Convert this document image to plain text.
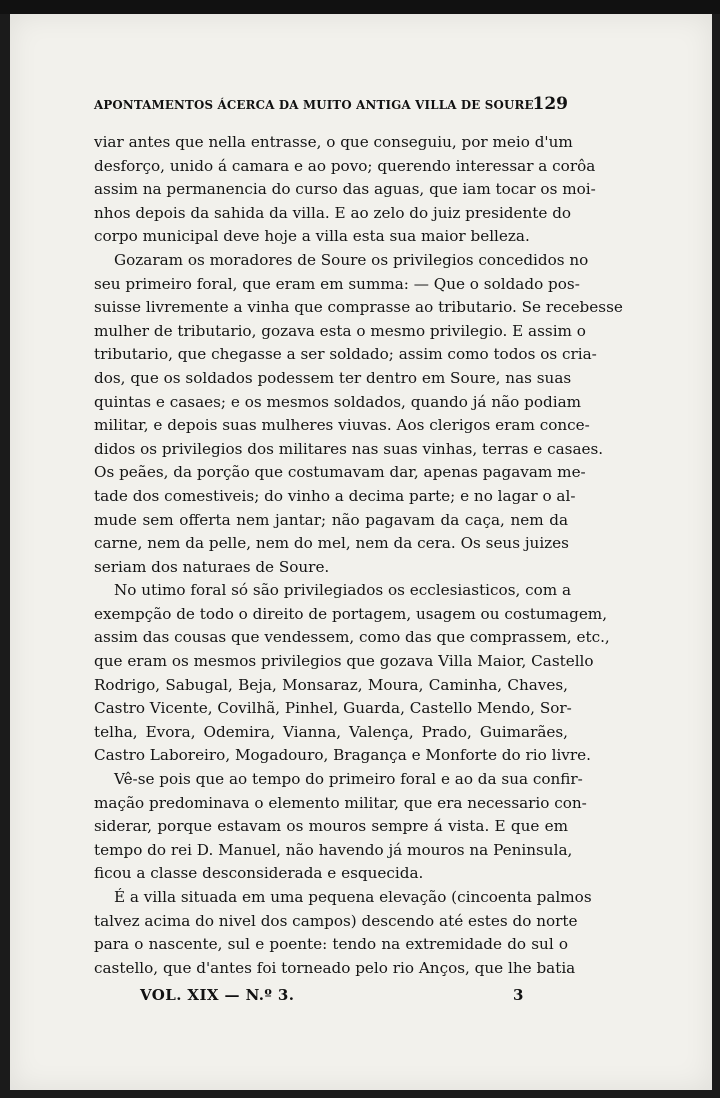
APONTAMENTOS ÁCERCA DA MUITO ANTIGA VILLA DE SOURE
129
viar antes que nella entrasse, o que conseguiu, por meio d'um
desforço, unido á camara e ao povo; querendo interessar a corôa
assim na permanencia do curso das aguas, que iam tocar os moi-
nhos depois da sahida da villa. E ao zelo do juiz presidente do
corpo municipal deve hoje a villa esta sua maior belleza.
Gozaram os moradores de Soure os privilegios concedidos no
seu primeiro foral, que eram em summa: — Que o soldado pos-
suisse livremente a vinha que comprasse ao tributario. Se recebesse
mulher de tributario, gozava esta o mesmo privilegio. E assim o
tributario, que chegasse a ser soldado; assim como todos os cria-
dos, que os soldados podessem ter dentro em Soure, nas suas
quintas e casaes; e os mesmos soldados, quando já não podiam
militar, e depois suas mulheres viuvas. Aos clerigos eram conce-
didos os privilegios dos militares nas suas vinhas, terras e casaes.
Os peães, da porção que costumavam dar, apenas pagavam me-
tade dos comestiveis; do vinho a decima parte; e no lagar o al-
mude sem offerta nem jantar; não pagavam da caça, nem da
carne, nem da pelle, nem do mel, nem da cera. Os seus juizes
seriam dos naturaes de Soure.
No utimo foral só são privilegiados os ecclesiasticos, com a
exempção de todo o direito de portagem, usagem ou costumagem,
assim das cousas que vendessem, como das que comprassem, etc.,
que eram os mesmos privilegios que gozava Villa Maior, Castello
Rodrigo, Sabugal, Beja, Monsaraz, Moura, Caminha, Chaves,
Castro Vicente, Covilhã, Pinhel, Guarda, Castello Mendo, Sor-
telha, Evora, Odemira, Vianna, Valença, Prado, Guimarães,
Castro Laboreiro, Mogadouro, Bragança e Monforte do rio livre.
Vê-se pois que ao tempo do primeiro foral e ao da sua confir-
mação predominava o elemento militar, que era necessario con-
siderar, porque estavam os mouros sempre á vista. E que em
tempo do rei D. Manuel, não havendo já mouros na Peninsula,
ficou a classe desconsiderada e esquecida.
É a villa situada em uma pequena elevação (cincoenta palmos
talvez acima do nivel dos campos) descendo até estes do norte
para o nascente, sul e poente: tendo na extremidade do sul o
castello, que d'antes foi torneado pelo rio Anços, que lhe batia
VOL. XIX — N.º 3.	3
